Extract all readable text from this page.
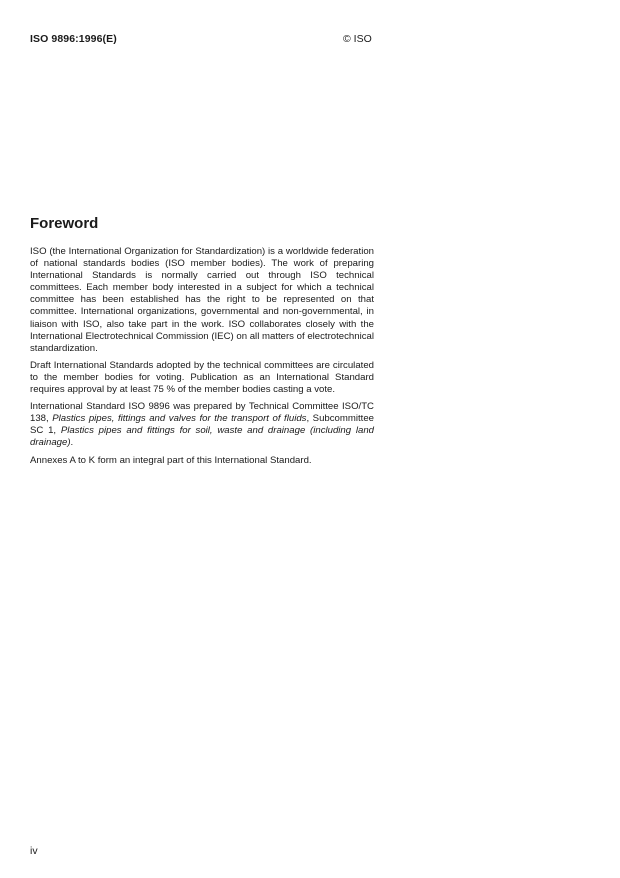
ISO 9896:1996(E)	© ISO
Foreword

ISO (the International Organization for Standardization) is a worldwide federation of national standards bodies (ISO member bodies). The work of preparing International Standards is normally carried out through ISO technical committees. Each member body interested in a subject for which a technical committee has been established has the right to be represented on that committee. International organizations, governmental and non-governmental, in liaison with ISO, also take part in the work. ISO collaborates closely with the International Electrotechnical Commission (IEC) on all matters of electrotechnical standardization.

Draft International Standards adopted by the technical committees are circulated to the member bodies for voting. Publication as an International Standard requires approval by at least 75 % of the member bodies casting a vote.

International Standard ISO 9896 was prepared by Technical Committee ISO/TC 138, Plastics pipes, fittings and valves for the transport of fluids, Subcommittee SC 1, Plastics pipes and fittings for soil, waste and drainage (including land drainage).

Annexes A to K form an integral part of this International Standard.

iv
